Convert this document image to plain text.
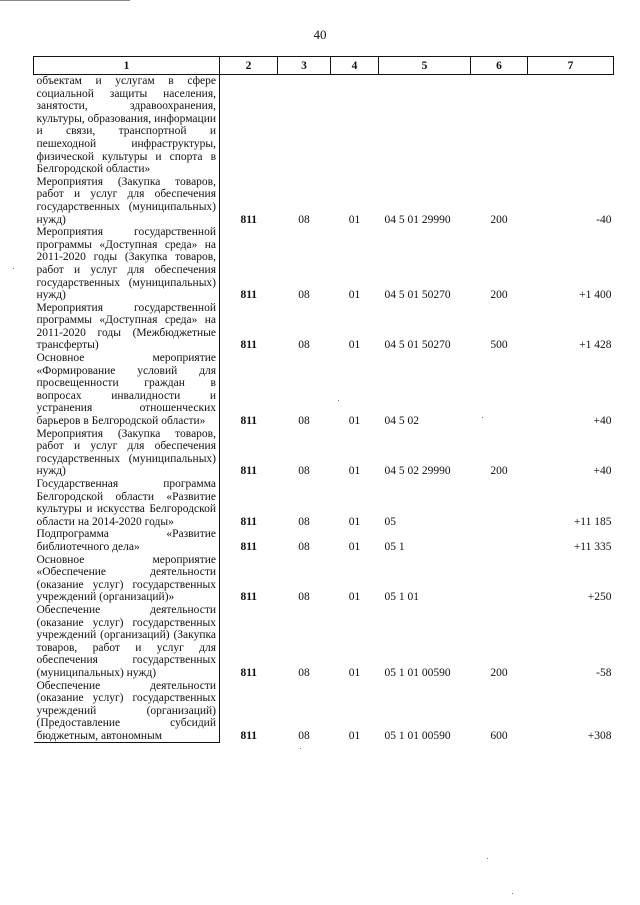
40
1	2	3	4	5	6	7
объектам и услугам в сфере социальной защиты населения, занятости, здравоохранения, культуры, образования, информации и связи, транспортной и пешеходной инфраструктуры, физической культуры и спорта в Белгородской области»						
Мероприятия (Закупка товаров, работ и услуг для обеспечения государственных (муниципальных) нужд)	811	08	01	04 5 01 29990	200	-40
Мероприятия государственной программы «Доступная среда» на 2011-2020 годы (Закупка товаров, работ и услуг для обеспечения государственных (муниципальных) нужд)	811	08	01	04 5 01 50270	200	+1 400
Мероприятия государственной программы «Доступная среда» на 2011-2020 годы (Межбюджетные трансферты)	811	08	01	04 5 01 50270	500	+1 428
Основное мероприятие «Формирование условий для просвещенности граждан в вопросах инвалидности и устранения отношенческих барьеров в Белгородской области»	811	08	01	04 5 02		+40
Мероприятия (Закупка товаров, работ и услуг для обеспечения государственных (муниципальных) нужд)	811	08	01	04 5 02 29990	200	+40
Государственная программа Белгородской области «Развитие культуры и искусства Белгородской области на 2014-2020 годы»	811	08	01	05		+11 185
Подпрограмма «Развитие библиотечного дела»	811	08	01	05 1		+11 335
Основное мероприятие «Обеспечение деятельности (оказание услуг) государственных учреждений (организаций)»	811	08	01	05 1 01		+250
Обеспечение деятельности (оказание услуг) государственных учреждений (организаций) (Закупка товаров, работ и услуг для обеспечения государственных (муниципальных) нужд)	811	08	01	05 1 01 00590	200	-58
Обеспечение деятельности (оказание услуг) государственных учреждений (организаций) (Предоставление субсидий бюджетным, автономным	811	08	01	05 1 01 00590	600	+308
